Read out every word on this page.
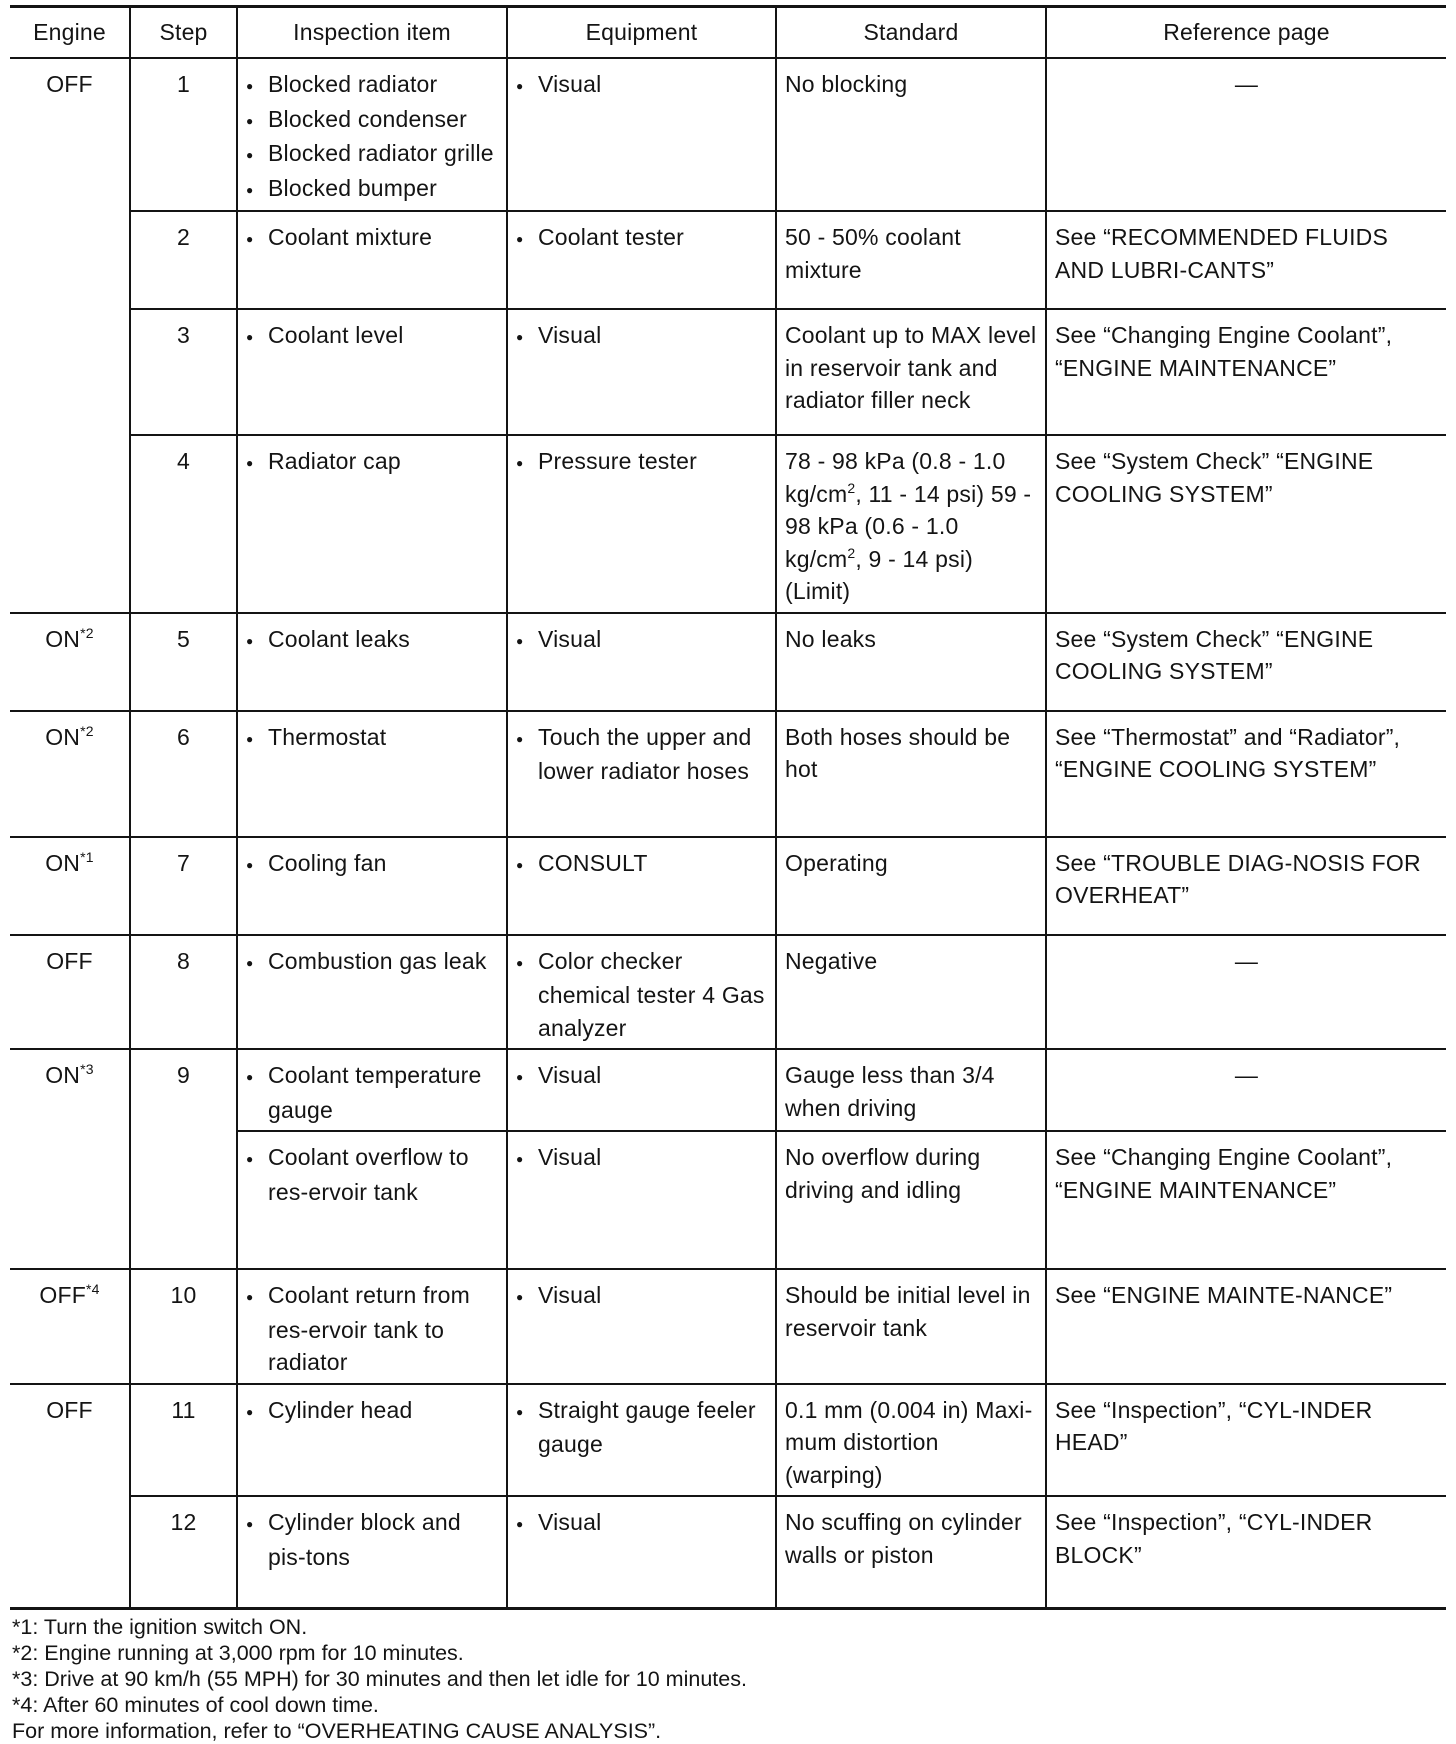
Engine	Step	Inspection item	Equipment	Standard	Reference page
OFF	1	● Blocked radiator
● Blocked condenser
● Blocked radiator grille
● Blocked bumper	● Visual	No blocking	—
	2	● Coolant mixture	● Coolant tester	50 - 50% coolant mixture	See “RECOMMENDED FLUIDS AND LUBRI-CANTS”
	3	● Coolant level	● Visual	Coolant up to MAX level in reservoir tank and radiator filler neck	See “Changing Engine Coolant”, “ENGINE MAINTENANCE”
	4	● Radiator cap	● Pressure tester	78 - 98 kPa (0.8 - 1.0 $kg/cm^2$, 11 - 14 psi) 59 - 98 kPa (0.6 - 1.0 $kg/cm^2$, 9 - 14 psi) (Limit)	See “System Check” “ENGINE COOLING SYSTEM”
ON$^{*2}$	5	● Coolant leaks	● Visual	No leaks	See “System Check” “ENGINE COOLING SYSTEM”
ON$^{*2}$	6	● Thermostat	● Touch the upper and lower radiator hoses	Both hoses should be hot	See “Thermostat” and “Radiator”, “ENGINE COOLING SYSTEM”
ON$^{*1}$	7	● Cooling fan	● CONSULT	Operating	See “TROUBLE DIAG-NOSIS FOR OVERHEAT”
OFF	8	● Combustion gas leak	● Color checker chemical tester 4 Gas analyzer	Negative	—
ON$^{*3}$	9	● Coolant temperature gauge	● Visual	Gauge less than 3/4 when driving	—

		● Coolant overflow to res-ervoir tank	● Visual	No overflow during driving and idling	See “Changing Engine Coolant”, “ENGINE MAINTENANCE”
OFF$^{*4}$	10	● Coolant return from res-ervoir tank to radiator	● Visual	Should be initial level in reservoir tank	See “ENGINE MAINTE-NANCE”
OFF	11	● Cylinder head	● Straight gauge feeler gauge	0.1 mm (0.004 in) Maxi-mum distortion (warping)	See “Inspection”, “CYL-INDER HEAD”
	12	● Cylinder block and pis-tons	● Visual	No scuffing on cylinder walls or piston	See “Inspection”, “CYL-INDER BLOCK”
*1: Turn the ignition switch ON.
*2: Engine running at 3,000 rpm for 10 minutes.
*3: Drive at 90 km/h (55 MPH) for 30 minutes and then let idle for 10 minutes.
*4: After 60 minutes of cool down time.
For more information, refer to “OVERHEATING CAUSE ANALYSIS”.
